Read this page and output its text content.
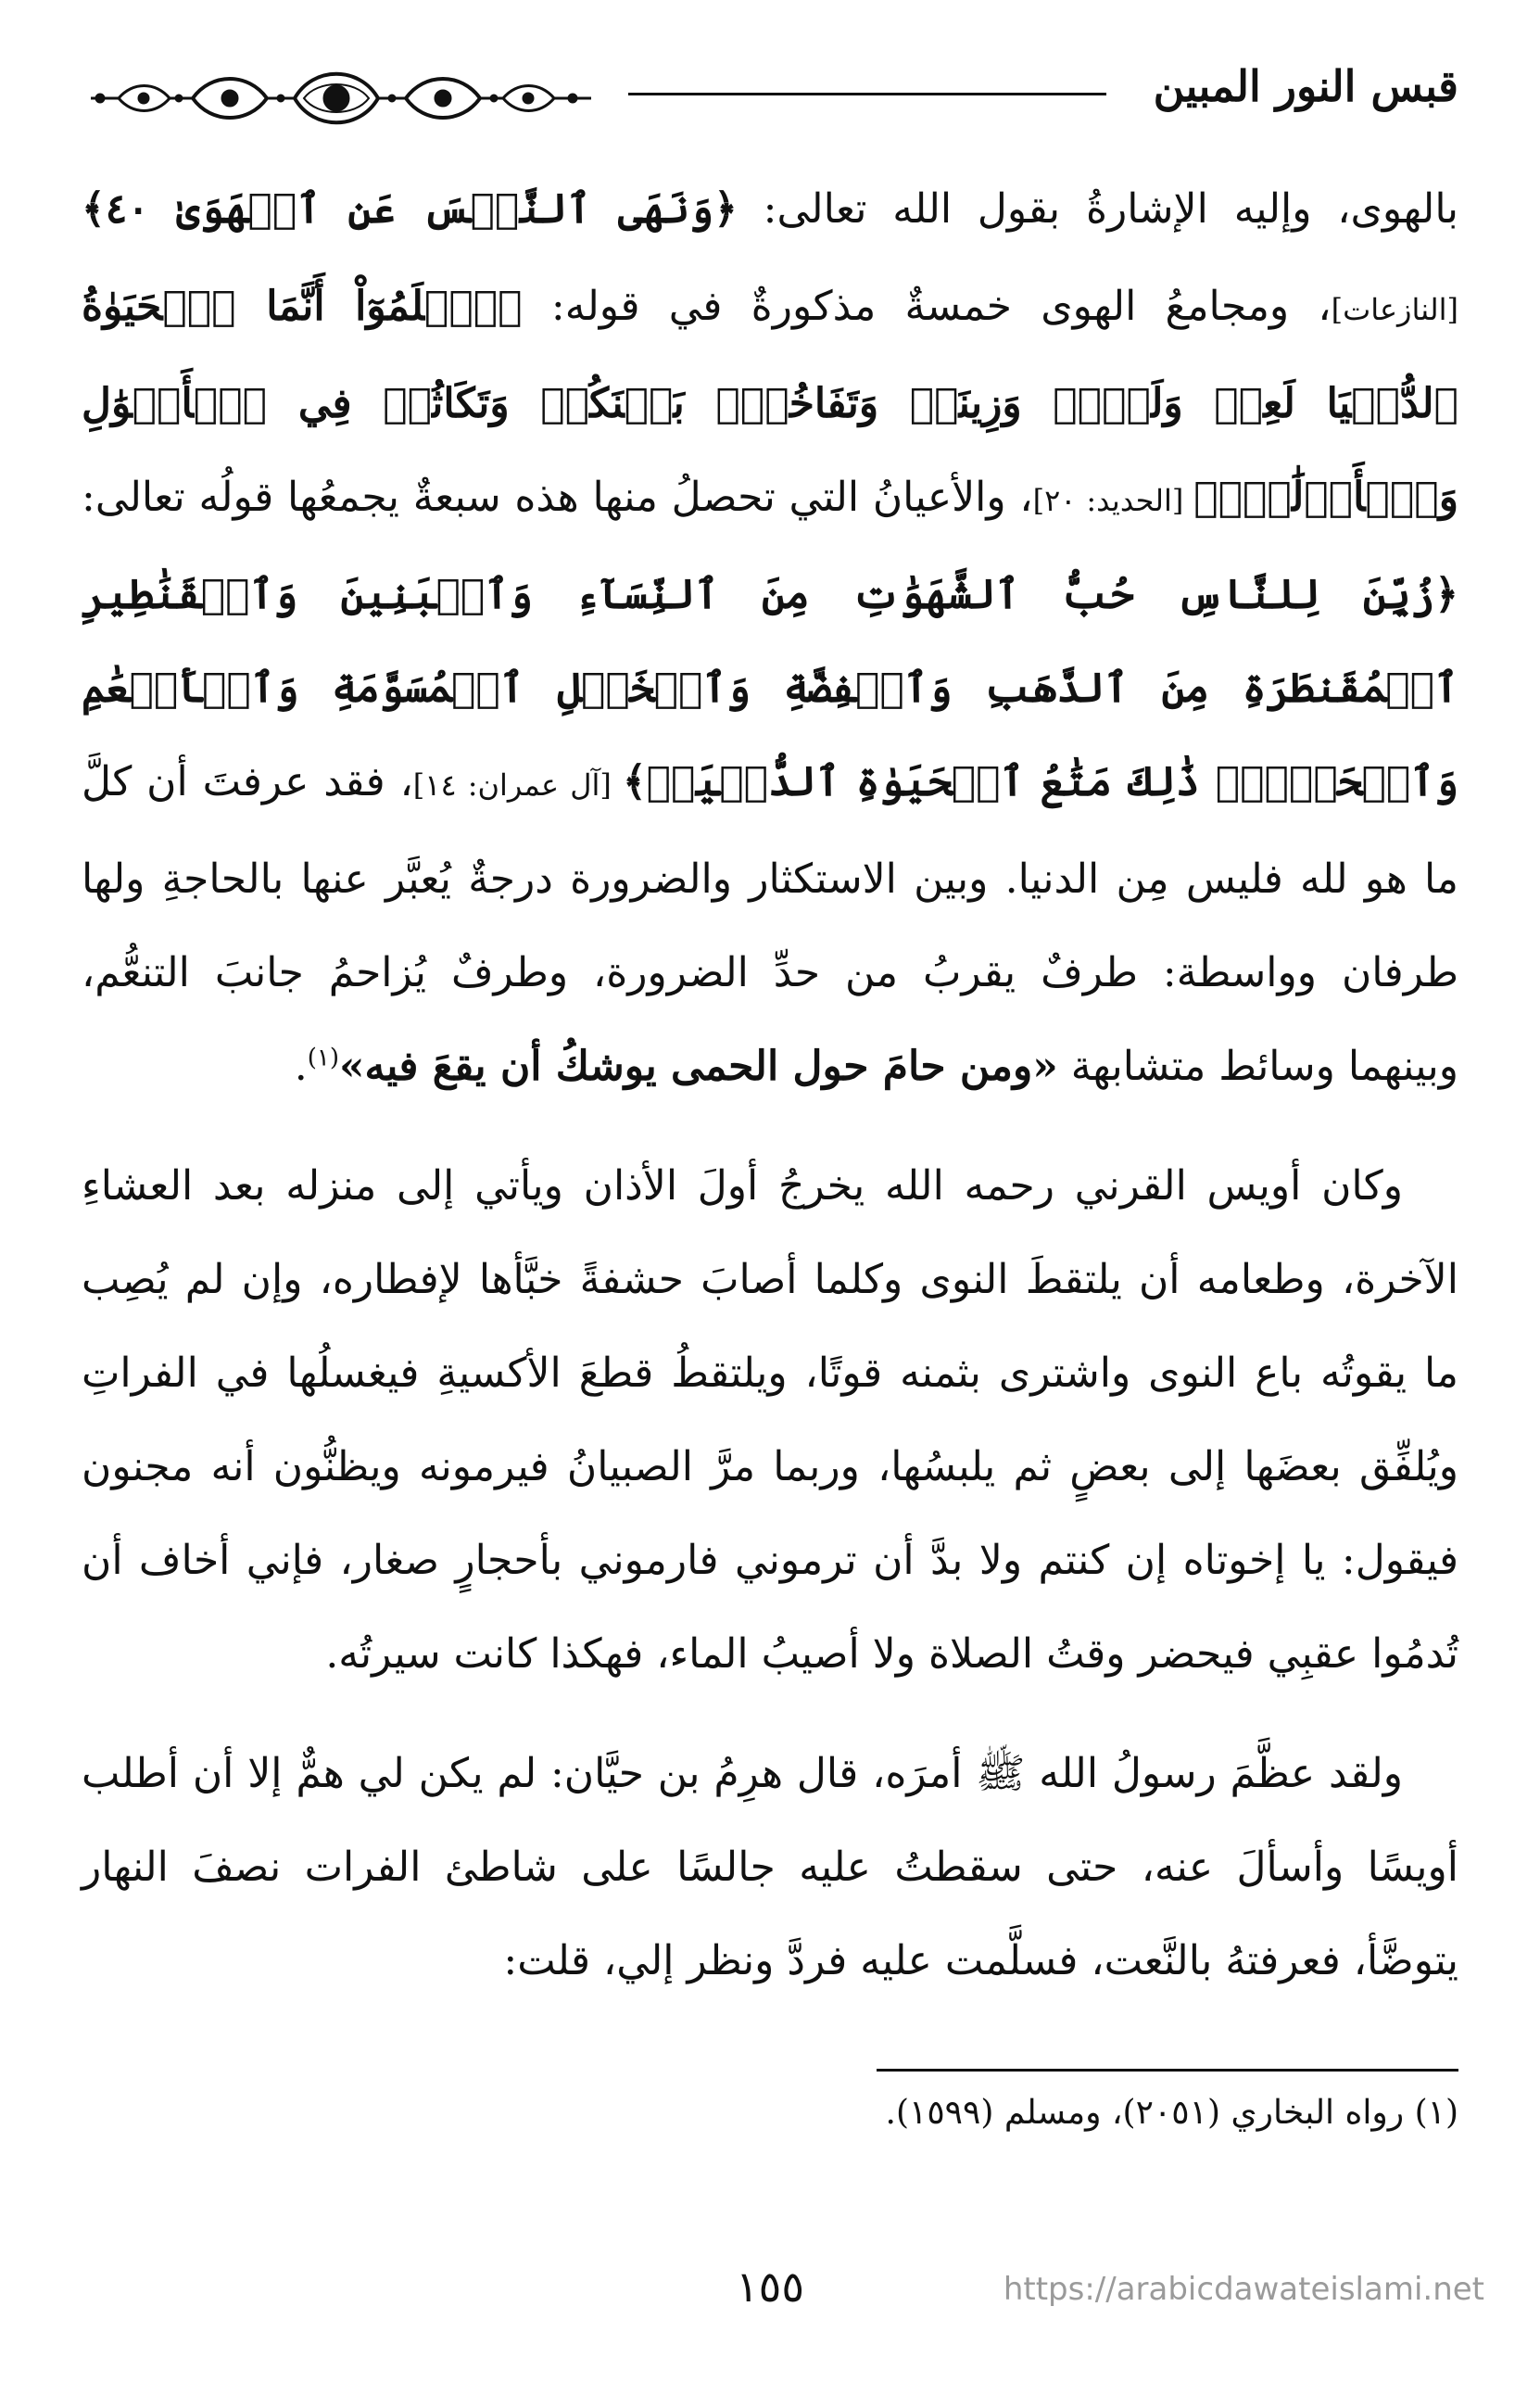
قبس النور المبين

بالهوى، وإليه الإشارةُ بقول الله تعالى: ﴿وَنَهَى ٱلنَّفۡسَ عَنِ ٱلۡهَوَىٰ ٤٠﴾ [النازعات]، ومجامعُ الهوى خمسةٌ مذكورةٌ في قوله: ﴿ٱعۡلَمُوٓاْ أَنَّمَا ٱلۡحَيَوٰةُ ٱلدُّنۡيَا لَعِبٞ وَلَهۡوٞ وَزِينَةٞ وَتَفَاخُرُۢ بَيۡنَكُمۡ وَتَكَاثُرٞ فِي ٱلۡأَمۡوَٰلِ وَٱلۡأَوۡلَٰدِۖ﴾ [الحديد: ٢٠]، والأعيانُ التي تحصلُ منها هذه سبعةٌ يجمعُها قولُه تعالى: ﴿زُيِّنَ لِلنَّاسِ حُبُّ ٱلشَّهَوَٰتِ مِنَ ٱلنِّسَآءِ وَٱلۡبَنِينَ وَٱلۡقَنَٰطِيرِ ٱلۡمُقَنطَرَةِ مِنَ ٱلذَّهَبِ وَٱلۡفِضَّةِ وَٱلۡخَيۡلِ ٱلۡمُسَوَّمَةِ وَٱلۡأَنۡعَٰمِ وَٱلۡحَرۡثِۗ ذَٰلِكَ مَتَٰعُ ٱلۡحَيَوٰةِ ٱلدُّنۡيَاۖ﴾ [آل عمران: ١٤]، فقد عرفتَ أن كلَّ ما هو لله فليس مِن الدنيا. وبين الاستكثار والضرورة درجةٌ يُعبَّر عنها بالحاجةِ ولها طرفان وواسطة: طرفٌ يقربُ من حدِّ الضرورة، وطرفٌ يُزاحمُ جانبَ التنعُّم، وبينهما وسائط متشابهة «ومن حامَ حول الحمى يوشكُ أن يقعَ فيه»$^{(١)}$.

وكان أويس القرني رحمه الله يخرجُ أولَ الأذان ويأتي إلى منزله بعد العشاءِ الآخرة، وطعامه أن يلتقطَ النوى وكلما أصابَ حشفةً خبَّأها لإفطاره، وإن لم يُصِب ما يقوتُه باع النوى واشترى بثمنه قوتًا، ويلتقطُ قطعَ الأكسيةِ فيغسلُها في الفراتِ ويُلفِّق بعضَها إلى بعضٍ ثم يلبسُها، وربما مرَّ الصبيانُ فيرمونه ويظنُّون أنه مجنون فيقول: يا إخوتاه إن كنتم ولا بدَّ أن ترموني فارموني بأحجارٍ صغار، فإني أخاف أن تُدمُوا عقبِي فيحضر وقتُ الصلاة ولا أصيبُ الماء، فهكذا كانت سيرتُه.

ولقد عظَّمَ رسولُ الله ﷺ أمرَه، قال هرِمُ بن حيَّان: لم يكن لي همٌّ إلا أن أطلب أويسًا وأسألَ عنه، حتى سقطتُ عليه جالسًا على شاطئ الفرات نصفَ النهار يتوضَّأ، فعرفتهُ بالنَّعت، فسلَّمت عليه فردَّ ونظر إلي، قلت:

(١) رواه البخاري (٢٠٥١)، ومسلم (١٥٩٩).
١٥٥	https://arabicdawateislami.net
